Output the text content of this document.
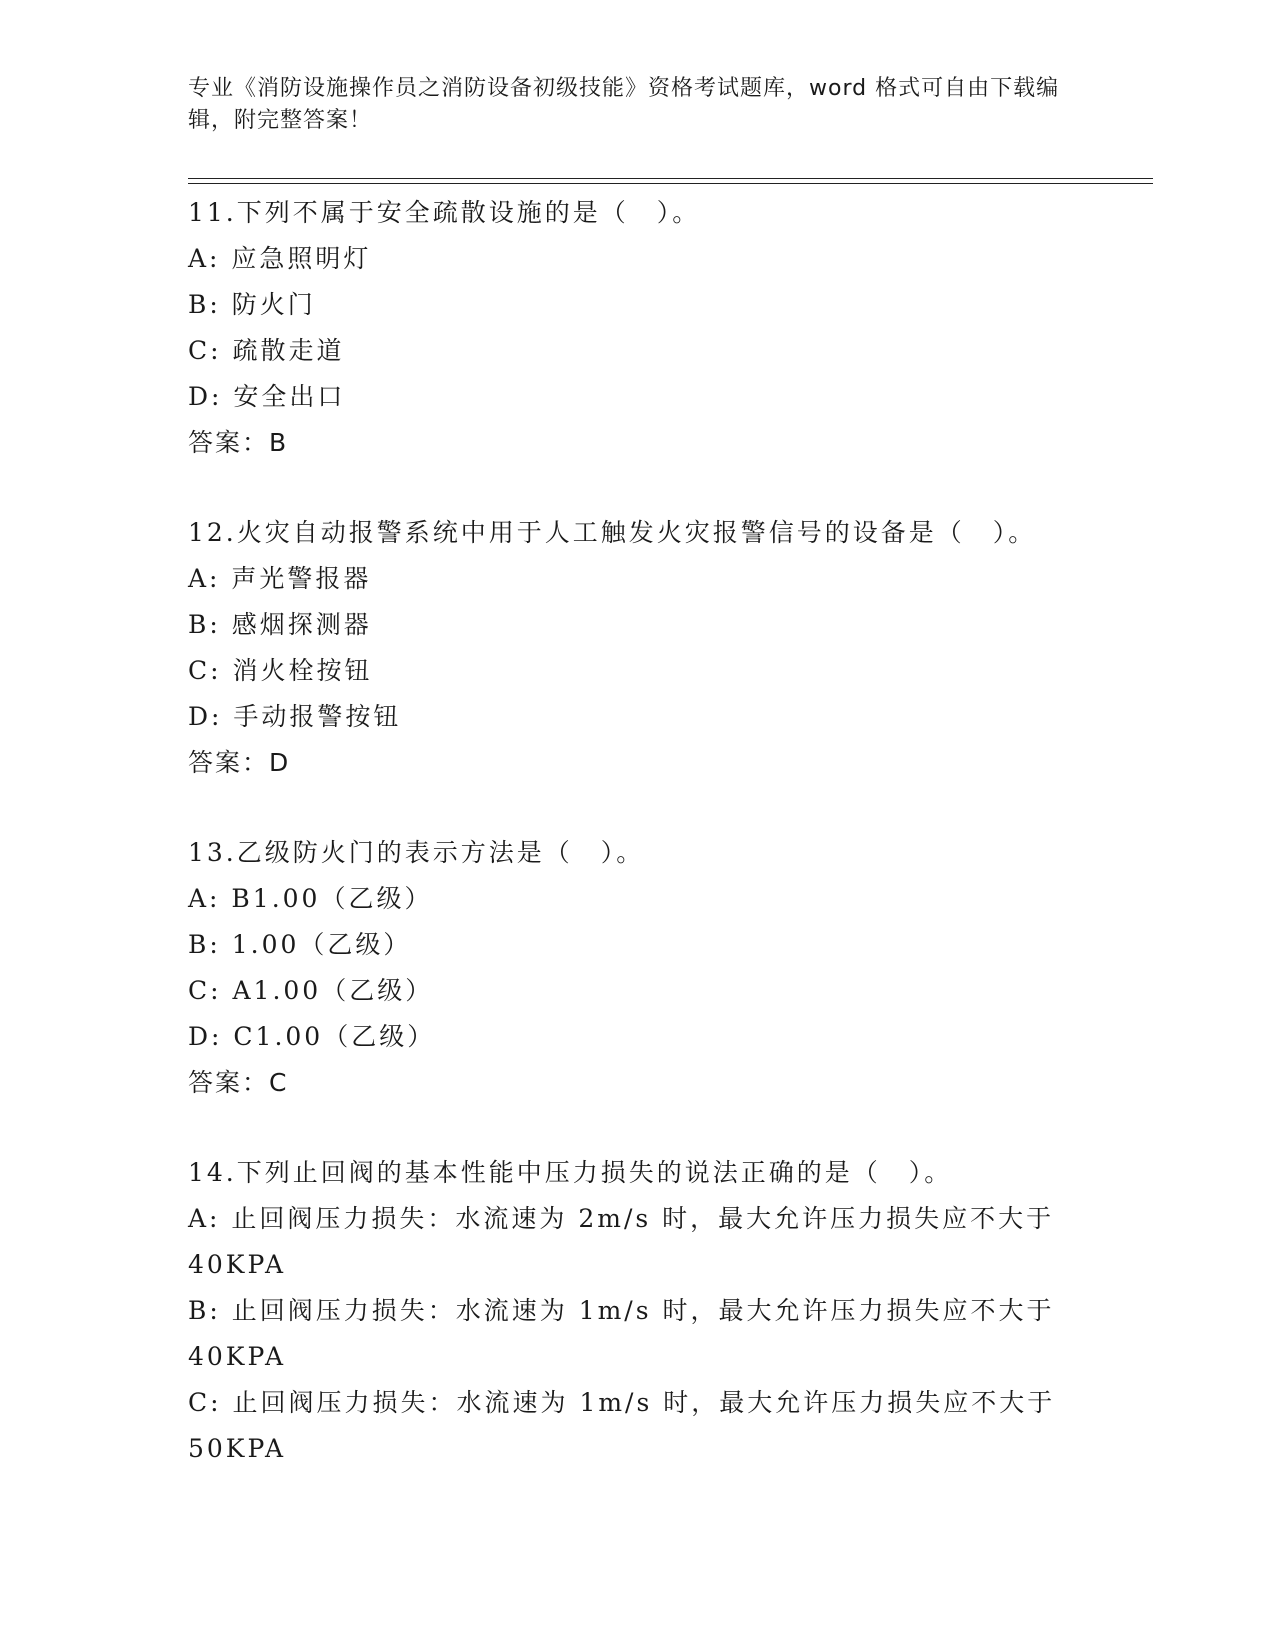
专业《消防设施操作员之消防设备初级技能》资格考试题库，word 格式可自由下载编辑，附完整答案！
11.下列不属于安全疏散设施的是（　）。
A: 应急照明灯
B: 防火门
C: 疏散走道
D: 安全出口
答案：B
12.火灾自动报警系统中用于人工触发火灾报警信号的设备是（　）。
A: 声光警报器
B: 感烟探测器
C: 消火栓按钮
D: 手动报警按钮
答案：D
13.乙级防火门的表示方法是（　）。
A: B1.00（乙级）
B: 1.00（乙级）
C: A1.00（乙级）
D: C1.00（乙级）
答案：C
14.下列止回阀的基本性能中压力损失的说法正确的是（　）。
A: 止回阀压力损失：水流速为 2m/s 时，最大允许压力损失应不大于 40KPA
B: 止回阀压力损失：水流速为 1m/s 时，最大允许压力损失应不大于 40KPA
C: 止回阀压力损失：水流速为 1m/s 时，最大允许压力损失应不大于 50KPA
